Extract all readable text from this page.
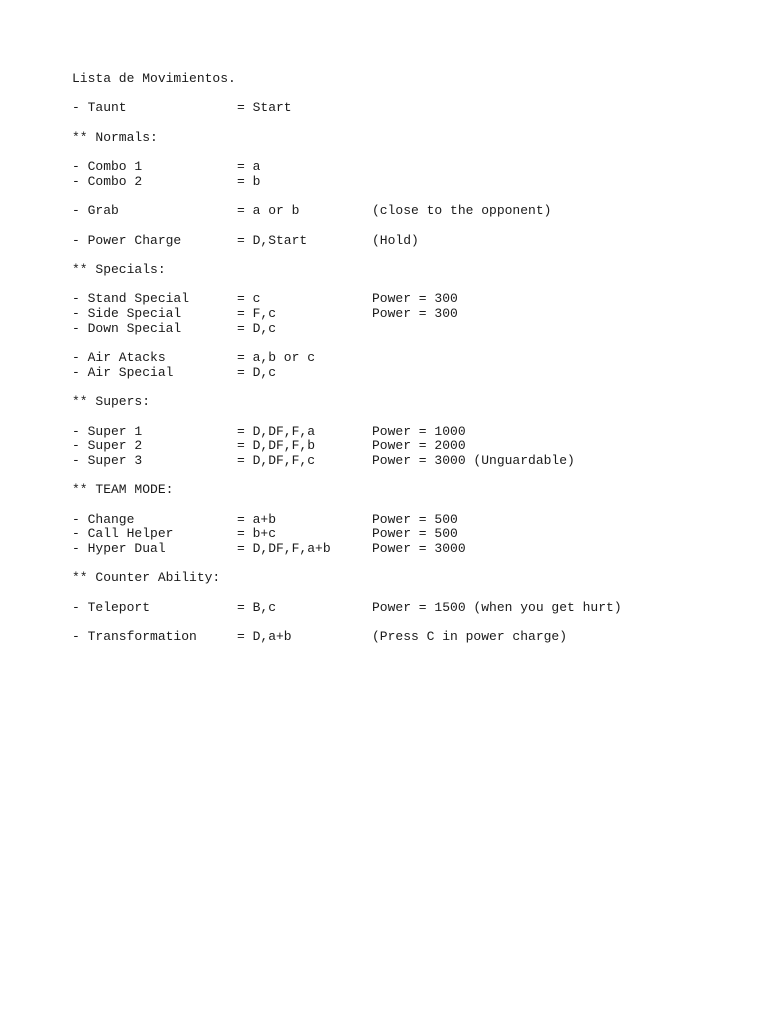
Lista de Movimientos.
- Taunt	= Start
** Normals:
- Combo 1	= a
- Combo 2	= b
- Grab	= a or b	(close to the opponent)
- Power Charge	= D,Start	(Hold)
** Specials:
- Stand Special	= c	Power = 300
- Side Special	= F,c	Power = 300
- Down Special	= D,c
- Air Atacks	= a,b or c
- Air Special	= D,c
** Supers:
- Super 1	= D,DF,F,a	Power = 1000
- Super 2	= D,DF,F,b	Power = 2000
- Super 3	= D,DF,F,c	Power = 3000 (Unguardable)
** TEAM MODE:
- Change	= a+b	Power = 500
- Call Helper	= b+c	Power = 500
- Hyper Dual	= D,DF,F,a+b	Power = 3000
** Counter Ability:
- Teleport	= B,c	Power = 1500 (when you get hurt)
- Transformation	= D,a+b	(Press C in power charge)
